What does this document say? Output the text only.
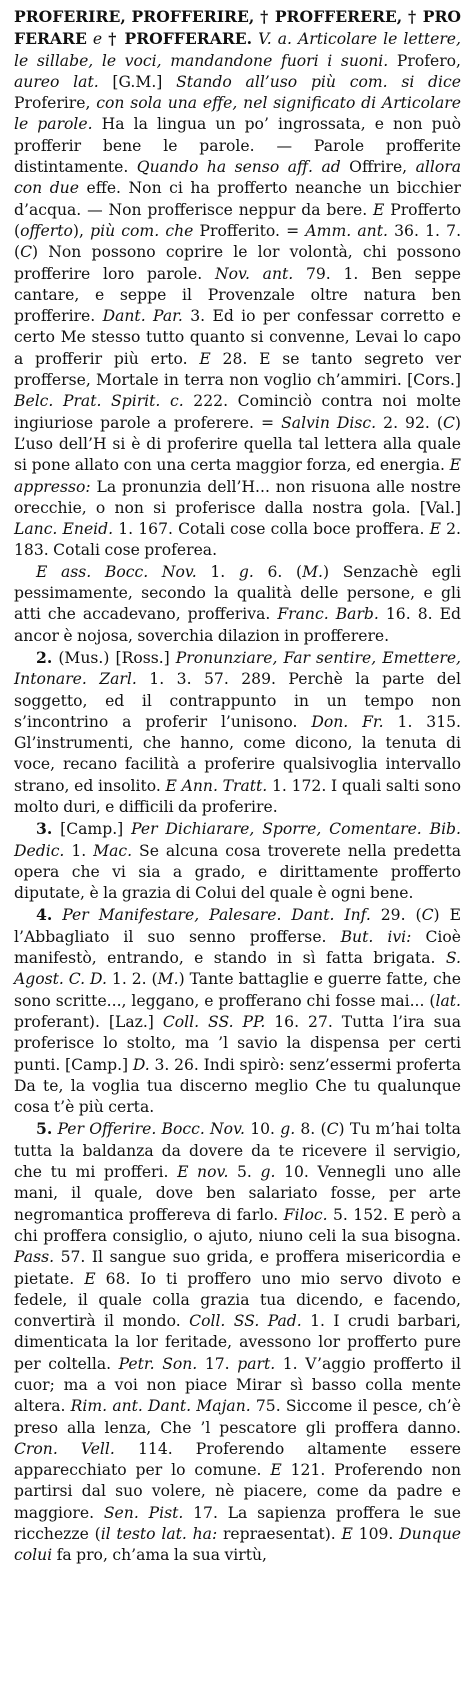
PROFERIRE, PROFFERIRE, † PROFFERERE, † PRO FERARE e † PROFFERARE. V. a. Articolare le lettere, le sillabe, le voci, mandandone fuori i suoni. Profero, aureo lat. [G.M.] Stando all’uso più com. si dice Proferire, con sola una effe, nel significato di Articolare le parole. Ha la lingua un po’ ingrossata, e non può profferir bene le parole. — Parole profferite distintamente. Quando ha senso aff. ad Offrire, allora con due effe. Non ci ha profferto neanche un bicchier d’acqua. — Non profferisce neppur da bere. E Profferto (offerto), più com. che Profferito. = Amm. ant. 36. 1. 7. (C) Non possono coprire le lor volontà, chi possono profferire loro parole. Nov. ant. 79. 1. Ben seppe cantare, e seppe il Provenzale oltre natura ben profferire. Dant. Par. 3. Ed io per confessar corretto e certo Me stesso tutto quanto si convenne, Levai lo capo a profferir più erto. E 28. E se tanto segreto ver profferse, Mortale in terra non voglio ch’ammiri. [Cors.] Belc. Prat. Spirit. c. 222. Cominciò contra noi molte ingiuriose parole a proferere. = Salvin Disc. 2. 92. (C) L’uso dell’H si è di proferire quella tal lettera alla quale si pone allato con una certa maggior forza, ed energia. E appresso: La pronunzia dell’H... non risuona alle nostre orecchie, o non si proferisce dalla nostra gola. [Val.] Lanc. Eneid. 1. 167. Cotali cose colla boce proffera. E 2. 183. Cotali cose proferea.

E ass. Bocc. Nov. 1. g. 6. (M.) Senzachè egli pessimamente, secondo la qualità delle persone, e gli atti che accadevano, profferiva. Franc. Barb. 16. 8. Ed ancor è nojosa, soverchia dilazion in profferere.

2. (Mus.) [Ross.] Pronunziare, Far sentire, Emettere, Intonare. Zarl. 1. 3. 57. 289. Perchè la parte del soggetto, ed il contrappunto in un tempo non s’incontrino a proferir l’unisono. Don. Fr. 1. 315. Gl’instrumenti, che hanno, come dicono, la tenuta di voce, recano facilità a proferire qualsivoglia intervallo strano, ed insolito. E Ann. Tratt. 1. 172. I quali salti sono molto duri, e difficili da proferire.

3. [Camp.] Per Dichiarare, Sporre, Comentare. Bib. Dedic. 1. Mac. Se alcuna cosa troverete nella predetta opera che vi sia a grado, e dirittamente profferto diputate, è la grazia di Colui del quale è ogni bene.

4. Per Manifestare, Palesare. Dant. Inf. 29. (C) E l’Abbagliato il suo senno profferse. But. ivi: Cioè manifestò, entrando, e stando in sì fatta brigata. S. Agost. C. D. 1. 2. (M.) Tante battaglie e guerre fatte, che sono scritte..., leggano, e profferano chi fosse mai... (lat. proferant). [Laz.] Coll. SS. PP. 16. 27. Tutta l’ira sua proferisce lo stolto, ma ’l savio la dispensa per certi punti. [Camp.] D. 3. 26. Indi spirò: senz’essermi proferta Da te, la voglia tua discerno meglio Che tu qualunque cosa t’è più certa.

5. Per Offerire. Bocc. Nov. 10. g. 8. (C) Tu m’hai tolta tutta la baldanza da dovere da te ricevere il servigio, che tu mi profferi. E nov. 5. g. 10. Vennegli uno alle mani, il quale, dove ben salariato fosse, per arte negromantica proffereva di farlo. Filoc. 5. 152. E però a chi proffera consiglio, o ajuto, niuno celi la sua bisogna. Pass. 57. Il sangue suo grida, e proffera misericordia e pietate. E 68. Io ti proffero uno mio servo divoto e fedele, il quale colla grazia tua dicendo, e facendo, convertirà il mondo. Coll. SS. Pad. 1. I crudi barbari, dimenticata la lor feritade, avessono lor profferto pure per coltella. Petr. Son. 17. part. 1. V’aggio profferto il cuor; ma a voi non piace Mirar sì basso colla mente altera. Rim. ant. Dant. Majan. 75. Siccome il pesce, ch’è preso alla lenza, Che ’l pescatore gli proffera danno. Cron. Vell. 114. Proferendo altamente essere apparecchiato per lo comune. E 121. Proferendo non partirsi dal suo volere, nè piacere, come da padre e maggiore. Sen. Pist. 17. La sapienza proffera le sue ricchezze (il testo lat. ha: repraesentat). E 109. Dunque colui fa pro, ch’ama la sua virtù,
